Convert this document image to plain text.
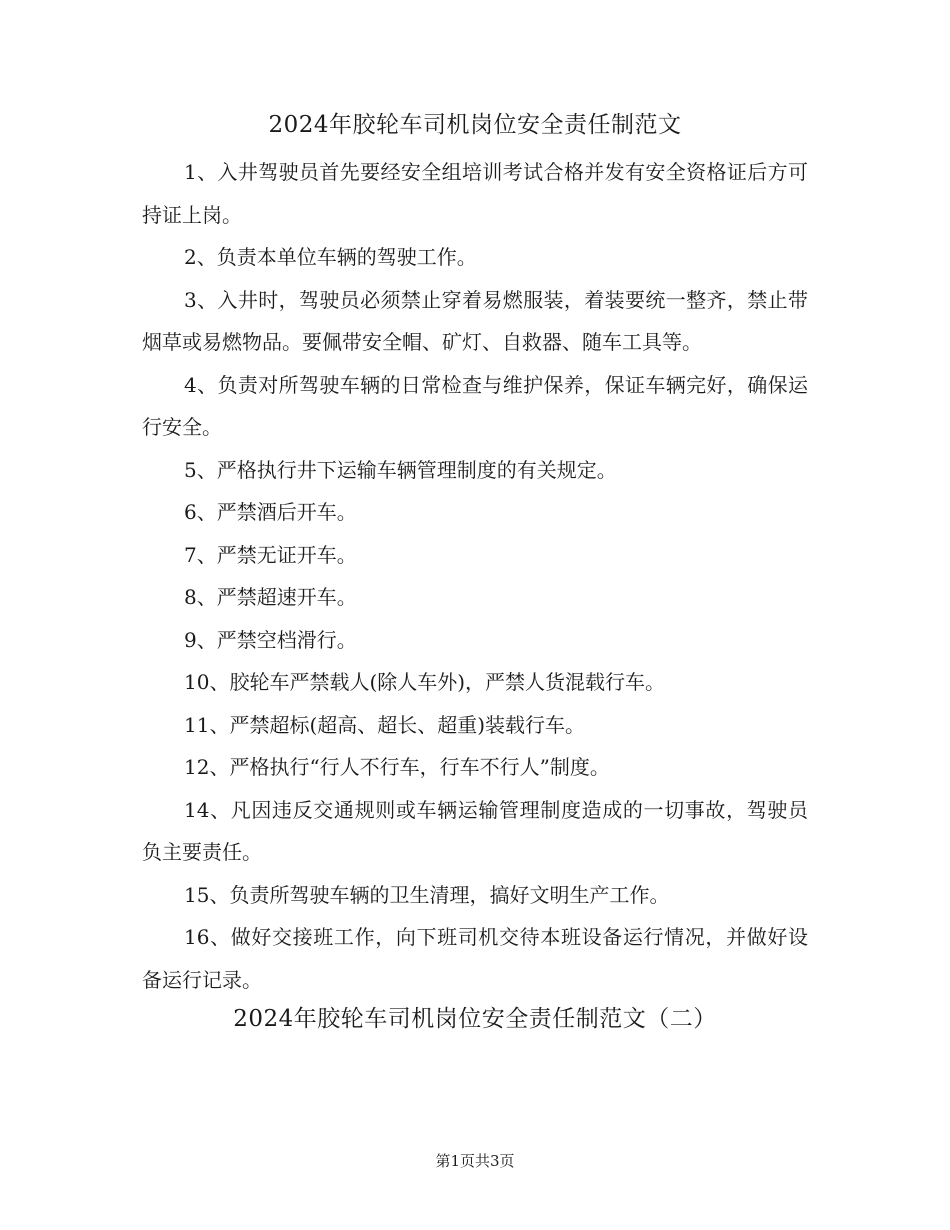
2024年胶轮车司机岗位安全责任制范文

1、入井驾驶员首先要经安全组培训考试合格并发有安全资格证后方可持证上岗。

2、负责本单位车辆的驾驶工作。

3、入井时，驾驶员必须禁止穿着易燃服装，着装要统一整齐，禁止带烟草或易燃物品。要佩带安全帽、矿灯、自救器、随车工具等。

4、负责对所驾驶车辆的日常检查与维护保养，保证车辆完好，确保运行安全。

5、严格执行井下运输车辆管理制度的有关规定。

6、严禁酒后开车。

7、严禁无证开车。

8、严禁超速开车。

9、严禁空档滑行。

10、胶轮车严禁载人(除人车外)，严禁人货混载行车。

11、严禁超标(超高、超长、超重)装载行车。

12、严格执行“行人不行车，行车不行人”制度。

14、凡因违反交通规则或车辆运输管理制度造成的一切事故，驾驶员负主要责任。

15、负责所驾驶车辆的卫生清理，搞好文明生产工作。

16、做好交接班工作，向下班司机交待本班设备运行情况，并做好设备运行记录。

2024年胶轮车司机岗位安全责任制范文（二）
第1页共3页
